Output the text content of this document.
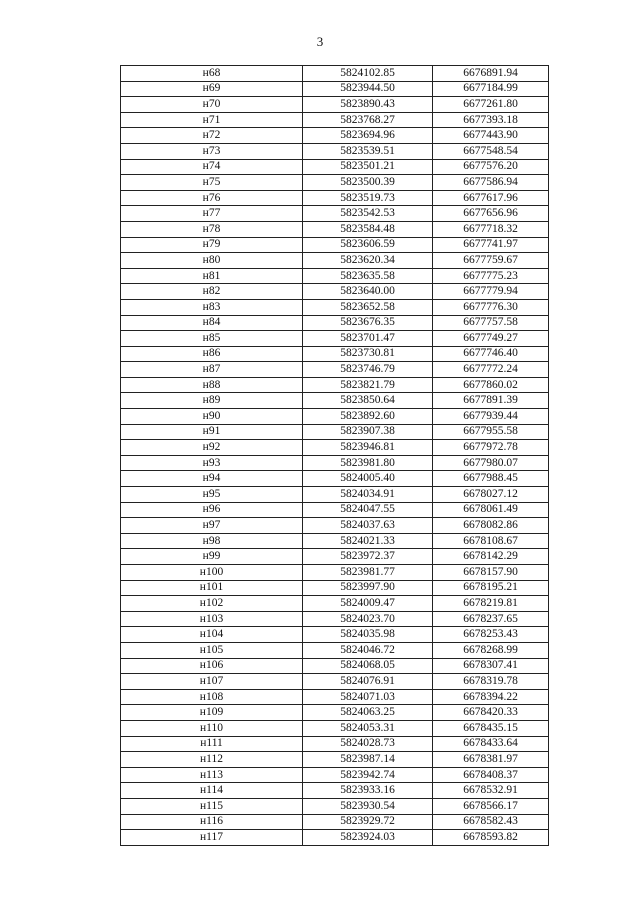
3
н68	5824102.85	6676891.94
н69	5823944.50	6677184.99
н70	5823890.43	6677261.80
н71	5823768.27	6677393.18
н72	5823694.96	6677443.90
н73	5823539.51	6677548.54
н74	5823501.21	6677576.20
н75	5823500.39	6677586.94
н76	5823519.73	6677617.96
н77	5823542.53	6677656.96
н78	5823584.48	6677718.32
н79	5823606.59	6677741.97
н80	5823620.34	6677759.67
н81	5823635.58	6677775.23
н82	5823640.00	6677779.94
н83	5823652.58	6677776.30
н84	5823676.35	6677757.58
н85	5823701.47	6677749.27
н86	5823730.81	6677746.40
н87	5823746.79	6677772.24
н88	5823821.79	6677860.02
н89	5823850.64	6677891.39
н90	5823892.60	6677939.44
н91	5823907.38	6677955.58
н92	5823946.81	6677972.78
н93	5823981.80	6677980.07
н94	5824005.40	6677988.45
н95	5824034.91	6678027.12
н96	5824047.55	6678061.49
н97	5824037.63	6678082.86
н98	5824021.33	6678108.67
н99	5823972.37	6678142.29
н100	5823981.77	6678157.90
н101	5823997.90	6678195.21
н102	5824009.47	6678219.81
н103	5824023.70	6678237.65
н104	5824035.98	6678253.43
н105	5824046.72	6678268.99
н106	5824068.05	6678307.41
н107	5824076.91	6678319.78
н108	5824071.03	6678394.22
н109	5824063.25	6678420.33
н110	5824053.31	6678435.15
н111	5824028.73	6678433.64
н112	5823987.14	6678381.97
н113	5823942.74	6678408.37
н114	5823933.16	6678532.91
н115	5823930.54	6678566.17
н116	5823929.72	6678582.43
н117	5823924.03	6678593.82
